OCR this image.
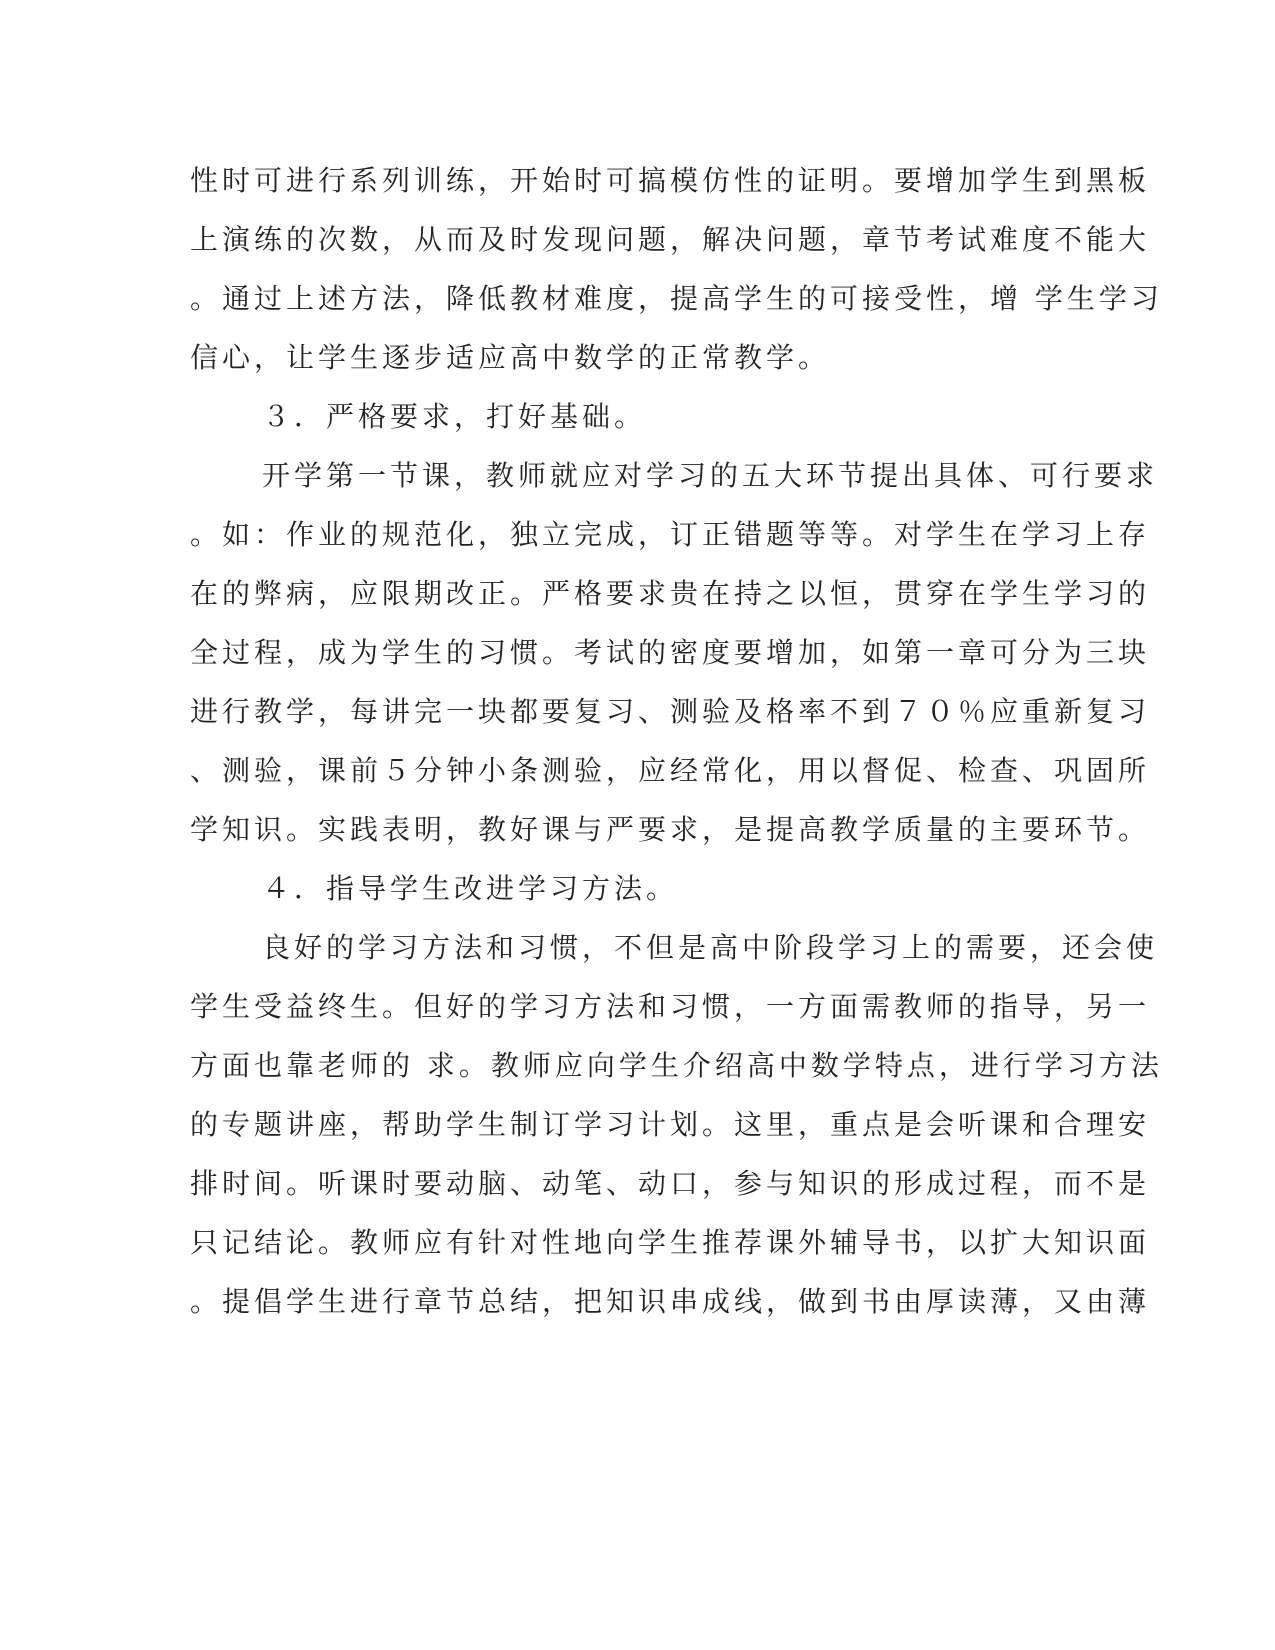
性时可进行系列训练，开始时可搞模仿性的证明。要增加学生到黑板
上演练的次数，从而及时发现问题，解决问题，章节考试难度不能大
。通过上述方法，降低教材难度，提高学生的可接受性，增 学生学习
信心，让学生逐步适应高中数学的正常教学。
３．严格要求，打好基础。
开学第一节课，教师就应对学习的五大环节提出具体、可行要求
。如：作业的规范化，独立完成，订正错题等等。对学生在学习上存
在的弊病，应限期改正。严格要求贵在持之以恒，贯穿在学生学习的
全过程，成为学生的习惯。考试的密度要增加，如第一章可分为三块
进行教学，每讲完一块都要复习、测验及格率不到７０％应重新复习
、测验，课前５分钟小条测验，应经常化，用以督促、检查、巩固所
学知识。实践表明，教好课与严要求，是提高教学质量的主要环节。
４．指导学生改进学习方法。
良好的学习方法和习惯，不但是高中阶段学习上的需要，还会使
学生受益终生。但好的学习方法和习惯，一方面需教师的指导，另一
方面也靠老师的 求。教师应向学生介绍高中数学特点，进行学习方法
的专题讲座，帮助学生制订学习计划。这里，重点是会听课和合理安
排时间。听课时要动脑、动笔、动口，参与知识的形成过程，而不是
只记结论。教师应有针对性地向学生推荐课外辅导书，以扩大知识面
。提倡学生进行章节总结，把知识串成线，做到书由厚读薄，又由薄
